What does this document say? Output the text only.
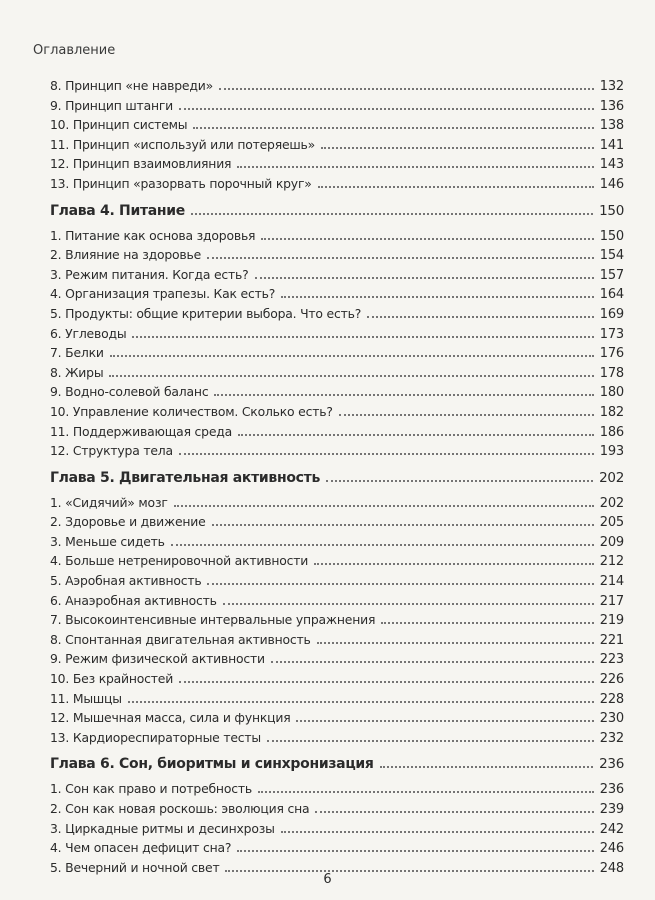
Оглавление
8. Принцип «не навреди»	132
9. Принцип штанги	136
10. Принцип системы	138
11. Принцип «используй или потеряешь»	141
12. Принцип взаимовлияния	143
13. Принцип «разорвать порочный круг»	146
Глава 4. Питание	150
1. Питание как основа здоровья	150
2. Влияние на здоровье	154
3. Режим питания. Когда есть?	157
4. Организация трапезы. Как есть?	164
5. Продукты: общие критерии выбора. Что есть?	169
6. Углеводы	173
7. Белки	176
8. Жиры	178
9. Водно-солевой баланс	180
10. Управление количеством. Сколько есть?	182
11. Поддерживающая среда	186
12. Структура тела	193
Глава 5. Двигательная активность	202
1. «Сидячий» мозг	202
2. Здоровье и движение	205
3. Меньше сидеть	209
4. Больше нетренировочной активности	212
5. Аэробная активность	214
6. Анаэробная активность	217
7. Высокоинтенсивные интервальные упражнения	219
8. Спонтанная двигательная активность	221
9. Режим физической активности	223
10. Без крайностей	226
11. Мышцы	228
12. Мышечная масса, сила и функция	230
13. Кардиореспираторные тесты	232
Глава 6. Сон, биоритмы и синхронизация	236
1. Сон как право и потребность	236
2. Сон как новая роскошь: эволюция сна	239
3. Циркадные ритмы и десинхрозы	242
4. Чем опасен дефицит сна?	246
5. Вечерний и ночной свет	248
6
